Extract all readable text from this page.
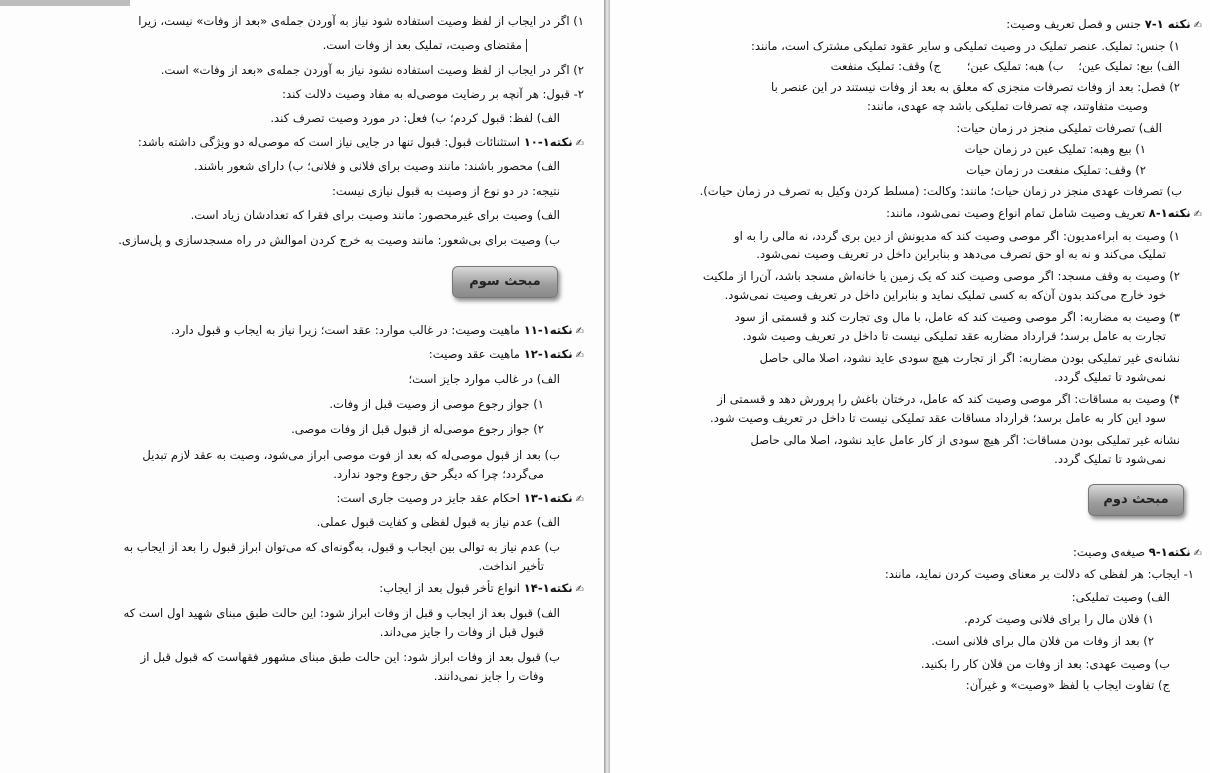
۱) اگر در ایجاب از لفظ وصیت استفاده شود نیاز به آوردن جمله‌ی «بعد از وفات» نیست، زیرا
مقتضای وصیت، تملیک بعد از وفات است.
۲) اگر در ایجاب از لفظ وصیت استفاده نشود نیاز به آوردن جمله‌ی «بعد از وفات» است.
۲- قبول: هر آنچه بر رضایت موصی‌له به مفاد وصیت دلالت کند:
الف) لفظ: قبول کردم؛ ب) فعل: در مورد وصیت تصرف کند.
✍نکته۱-۱۰ استثنائات قبول: قبول تنها در جایی نیاز است که موصی‌له دو ویژگی داشته باشد:
الف) محصور باشند: مانند وصیت برای فلانی و فلانی؛ ب) دارای شعور باشند.
نتیجه: در دو نوع از وصیت به قبول نیازی نیست:
الف) وصیت برای غیرمحصور: مانند وصیت برای فقرا که تعدادشان زیاد است.
ب) وصیت برای بی‌شعور: مانند وصیت به خرج کردن اموالش در راه مسجدسازی و پل‌سازی.
مبحث سوم
✍نکته۱-۱۱ ماهیت وصیت: در غالب موارد: عقد است؛ زیرا نیاز به ایجاب و قبول دارد.
✍نکته۱-۱۲ ماهیت عقد وصیت:
الف) در غالب موارد جایز است؛
۱) جواز رجوع موصی از وصیت قبل از وفات.
۲) جواز رجوع موصی‌له از قبول قبل از وفات موصی.
ب) بعد از قبول موصی‌له که بعد از فوت موصی ابراز می‌شود، وصیت به عقد لازم تبدیل
می‌گردد؛ چرا که دیگر حق رجوع وجود ندارد.
✍نکته۱-۱۳ احکام عقد جایز در وصیت جاری است:
الف) عدم نیاز به قبول لفظی و کفایت قبول عملی.
ب) عدم نیاز به توالی بین ایجاب و قبول، به‌گونه‌ای که می‌توان ابراز قبول را بعد از ایجاب به
تأخیر انداخت.
✍نکته۱-۱۴ انواع تأخر قبول بعد از ایجاب:
الف) قبول بعد از ایجاب و قبل از وفات ابراز شود: این حالت طبق مبنای شهید اول است که
قبول قبل از وفات را جایز می‌داند.
ب) قبول بعد از وفات ابراز شود: این حالت طبق مبنای مشهور فقهاست که قبول قبل از
وفات را جایز نمی‌دانند.
✍نکته ۱-۷ جنس و فصل تعریف وصیت:
۱) جنس: تملیک. عنصر تملیک در وصیت تملیکی و سایر عقود تملیکی مشترک است، مانند:
الف) بیع: تملیک عین؛    ب) هبه: تملیک عین؛       ج) وقف: تملیک منفعت
۲) فصل: بعد از وفات تصرفات منجزی که معلق به بعد از وفات نیستند در این عنصر با
وصیت متفاوتند، چه تصرفات تملیکی باشد چه عهدی، مانند:
الف) تصرفات تملیکی منجز در زمان حیات:
۱) بیع وهبه: تملیک عین در زمان حیات
۲) وقف: تملیک منفعت در زمان حیات
ب) تصرفات عهدی منجز در زمان حیات؛ مانند: وکالت: (مسلط کردن وکیل به تصرف در زمان حیات).
✍نکته۱-۸ تعریف وصیت شامل تمام انواع وصیت نمی‌شود، مانند:
۱) وصیت به ابراءمدیون: اگر موصی وصیت کند که مدیونش از دین بری گردد، نه مالی را به او
تملیک می‌کند و نه به او حق تصرف می‌دهد و بنابراین داخل در تعریف وصیت نمی‌شود.
۲) وصیت به وقف مسجد: اگر موصی وصیت کند که یک زمین یا خانه‌اش مسجد باشد، آن‌را از ملکیت
خود خارج می‌کند بدون آن‌که به کسی تملیک نماید و بنابراین داخل در تعریف وصیت نمی‌شود.
۳) وصیت به مضاربه: اگر موصی وصیت کند که عامل، با مال وی تجارت کند و قسمتی از سود
تجارت به عامل برسد؛ قرارداد مضاربه عقد تملیکی نیست تا داخل در تعریف وصیت شود.
نشانه‌ی غیر تملیکی بودن مضاربه: اگر از تجارت هیچ سودی عاید نشود، اصلا مالی حاصل
نمی‌شود تا تملیک گردد.
۴) وصیت به مساقات: اگر موصی وصیت کند که عامل، درختان باغش را پرورش دهد و قسمتی از
سود این کار به عامل برسد؛ قرارداد مساقات عقد تملیکی نیست تا داخل در تعریف وصیت شود.
نشانه غیر تملیکی بودن مساقات: اگر هیچ سودی از کار عامل عاید نشود، اصلا مالی حاصل
نمی‌شود تا تملیک گردد.
مبحث دوم
✍نکته۱-۹ صیغه‌ی وصیت:
۱- ایجاب: هر لفظی که دلالت بر معنای وصیت کردن نماید، مانند:
الف) وصیت تملیکی:
۱) فلان مال را برای فلانی وصیت کردم.
۲) بعد از وفات من فلان مال برای فلانی است.
ب) وصیت عهدی: بعد از وفات من فلان کار را بکنید.
ج) تفاوت ایجاب با لفظ «وصیت» و غیرآن:
